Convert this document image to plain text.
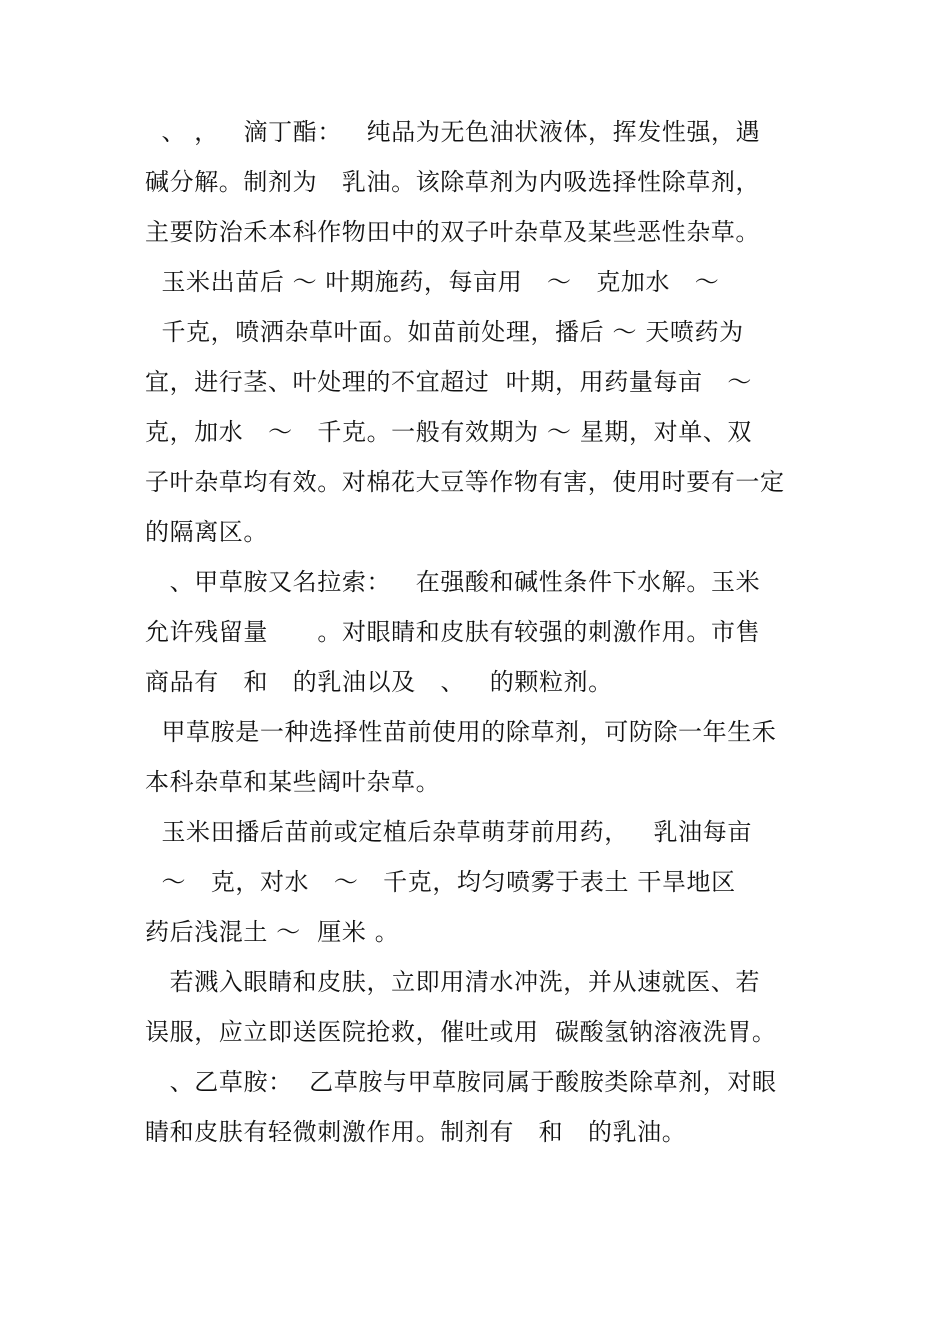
、 ，   滴丁酯：   纯品为无色油状液体，挥发性强，遇
碱分解。制剂为   乳油。该除草剂为内吸选择性除草剂，
主要防治禾本科作物田中的双子叶杂草及某些恶性杂草。
玉米出苗后 ～ 叶期施药，每亩用   ～   克加水   ～
千克，喷洒杂草叶面。如苗前处理，播后 ～ 天喷药为
宜，进行茎、叶处理的不宜超过  叶期，用药量每亩   ～
克，加水   ～   千克。一般有效期为 ～ 星期，对单、双
子叶杂草均有效。对棉花大豆等作物有害，使用时要有一定
的隔离区。
、甲草胺又名拉索：   在强酸和碱性条件下水解。玉米
允许残留量      。对眼睛和皮肤有较强的刺激作用。市售
商品有   和   的乳油以及   、   的颗粒剂。
甲草胺是一种选择性苗前使用的除草剂，可防除一年生禾
本科杂草和某些阔叶杂草。
玉米田播后苗前或定植后杂草萌芽前用药，   乳油每亩
～   克，对水   ～   千克，均匀喷雾于表土 干旱地区
药后浅混土 ～  厘米 。
若溅入眼睛和皮肤，立即用清水冲洗，并从速就医、若
误服，应立即送医院抢救，催吐或用  碳酸氢钠溶液洗胃。
、乙草胺：  乙草胺与甲草胺同属于酸胺类除草剂，对眼
睛和皮肤有轻微刺激作用。制剂有   和   的乳油。
